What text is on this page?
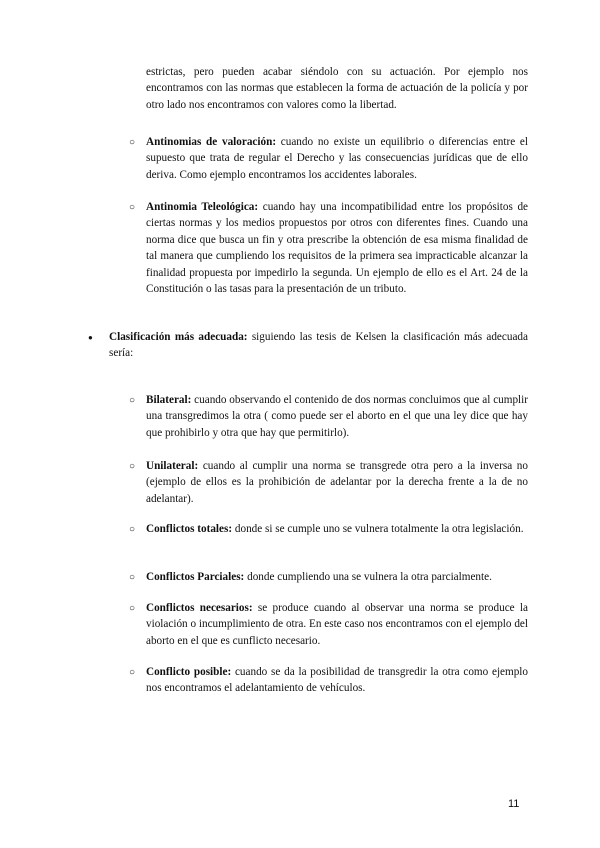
estrictas, pero pueden acabar siéndolo con su actuación. Por ejemplo nos encontramos con las normas que establecen la forma de actuación de la policía y por otro lado nos encontramos con valores como la libertad.

○ Antinomias de valoración: cuando no existe un equilibrio o diferencias entre el supuesto que trata de regular el Derecho y las consecuencias jurídicas que de ello deriva. Como ejemplo encontramos los accidentes laborales.

○ Antinomia Teleológica: cuando hay una incompatibilidad entre los propósitos de ciertas normas y los medios propuestos por otros con diferentes fines. Cuando una norma dice que busca un fin y otra prescribe la obtención de esa misma finalidad de tal manera que cumpliendo los requisitos de la primera sea impracticable alcanzar la finalidad propuesta por impedirlo la segunda. Un ejemplo de ello es el Art. 24 de la Constitución o las tasas para la presentación de un tributo.

● Clasificación más adecuada: siguiendo las tesis de Kelsen la clasificación más adecuada sería:

○ Bilateral: cuando observando el contenido de dos normas concluimos que al cumplir una transgredimos la otra ( como puede ser el aborto en el que una ley dice que hay que prohibirlo y otra que hay que permitirlo).

○ Unilateral: cuando al cumplir una norma se transgrede otra pero a la inversa no (ejemplo de ellos es la prohibición de adelantar por la derecha frente a la de no adelantar).

○ Conflictos totales: donde si se cumple uno se vulnera totalmente la otra legislación.

○ Conflictos Parciales: donde cumpliendo una se vulnera la otra parcialmente.

○ Conflictos necesarios: se produce cuando al observar una norma se produce la violación o incumplimiento de otra. En este caso nos encontramos con el ejemplo del aborto en el que es cunflicto necesario.

○ Conflicto posible: cuando se da la posibilidad de transgredir la otra como ejemplo nos encontramos el adelantamiento de vehículos.

11
